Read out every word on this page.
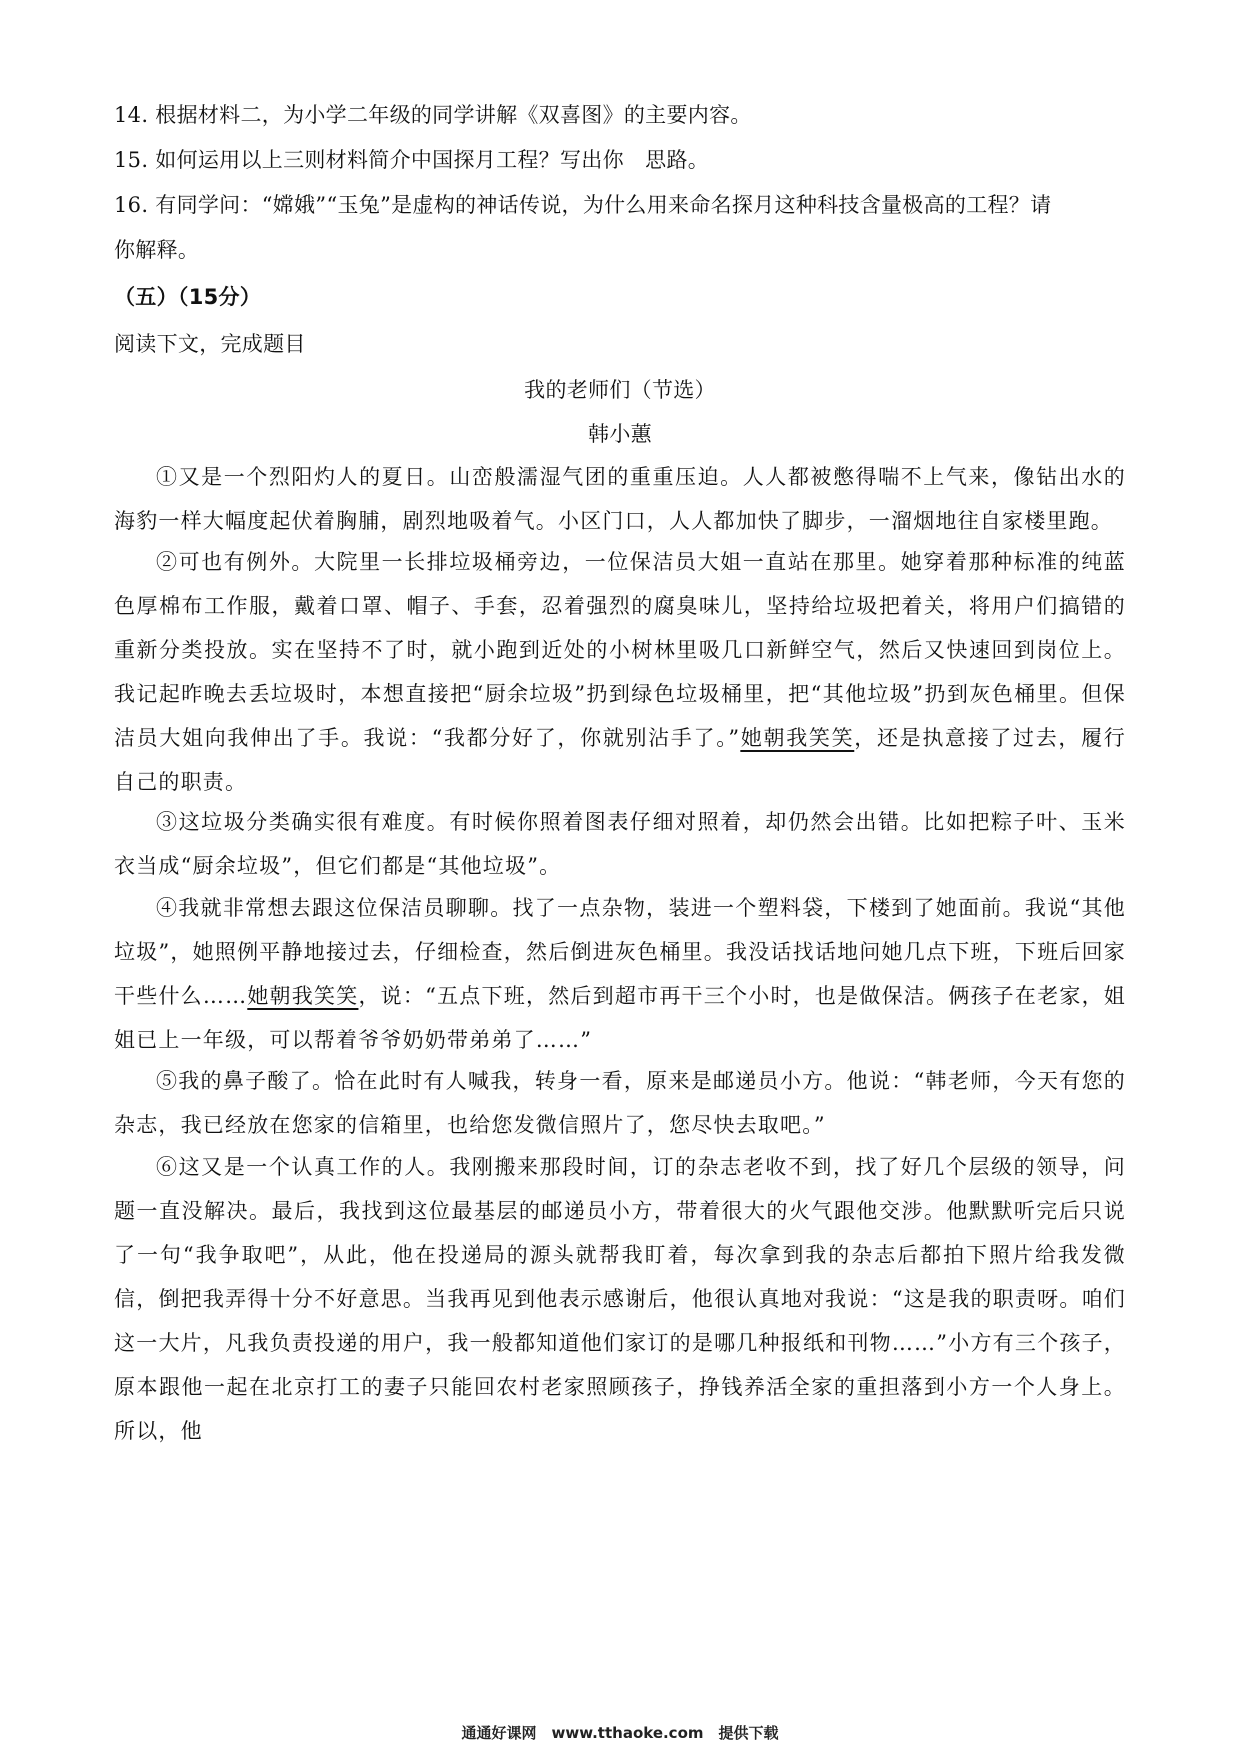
14. 根据材料二，为小学二年级的同学讲解《双喜图》的主要内容。
15. 如何运用以上三则材料简介中国探月工程？写出你　思路。
16. 有同学问：“嫦娥”“玉兔”是虚构的神话传说，为什么用来命名探月这种科技含量极高的工程？请
你解释。
（五）（15分）
阅读下文，完成题目
我的老师们（节选）
韩小蕙
①又是一个烈阳灼人的夏日。山峦般濡湿气团的重重压迫。人人都被憋得喘不上气来，像钻出水的海豹一样大幅度起伏着胸脯，剧烈地吸着气。小区门口，人人都加快了脚步，一溜烟地往自家楼里跑。
②可也有例外。大院里一长排垃圾桶旁边，一位保洁员大姐一直站在那里。她穿着那种标准的纯蓝色厚棉布工作服，戴着口罩、帽子、手套，忍着强烈的腐臭味儿，坚持给垃圾把着关，将用户们搞错的重新分类投放。实在坚持不了时，就小跑到近处的小树林里吸几口新鲜空气，然后又快速回到岗位上。我记起昨晚去丢垃圾时，本想直接把“厨余垃圾”扔到绿色垃圾桶里，把“其他垃圾”扔到灰色桶里。但保洁员大姐向我伸出了手。我说：“我都分好了，你就别沾手了。”她朝我笑笑，还是执意接了过去，履行自己的职责。
③这垃圾分类确实很有难度。有时候你照着图表仔细对照着，却仍然会出错。比如把粽子叶、玉米衣当成“厨余垃圾”，但它们都是“其他垃圾”。
④我就非常想去跟这位保洁员聊聊。找了一点杂物，装进一个塑料袋，下楼到了她面前。我说“其他垃圾”，她照例平静地接过去，仔细检查，然后倒进灰色桶里。我没话找话地问她几点下班，下班后回家干些什么……她朝我笑笑，说：“五点下班，然后到超市再干三个小时，也是做保洁。俩孩子在老家，姐姐已上一年级，可以帮着爷爷奶奶带弟弟了……”
⑤我的鼻子酸了。恰在此时有人喊我，转身一看，原来是邮递员小方。他说：“韩老师，今天有您的杂志，我已经放在您家的信箱里，也给您发微信照片了，您尽快去取吧。”
⑥这又是一个认真工作的人。我刚搬来那段时间，订的杂志老收不到，找了好几个层级的领导，问题一直没解决。最后，我找到这位最基层的邮递员小方，带着很大的火气跟他交涉。他默默听完后只说了一句“我争取吧”，从此，他在投递局的源头就帮我盯着，每次拿到我的杂志后都拍下照片给我发微信，倒把我弄得十分不好意思。当我再见到他表示感谢后，他很认真地对我说：“这是我的职责呀。咱们这一大片，凡我负责投递的用户，我一般都知道他们家订的是哪几种报纸和刊物……”小方有三个孩子，原本跟他一起在北京打工的妻子只能回农村老家照顾孩子，挣钱养活全家的重担落到小方一个人身上。所以，他
通通好课网　www.tthaoke.com　提供下载
